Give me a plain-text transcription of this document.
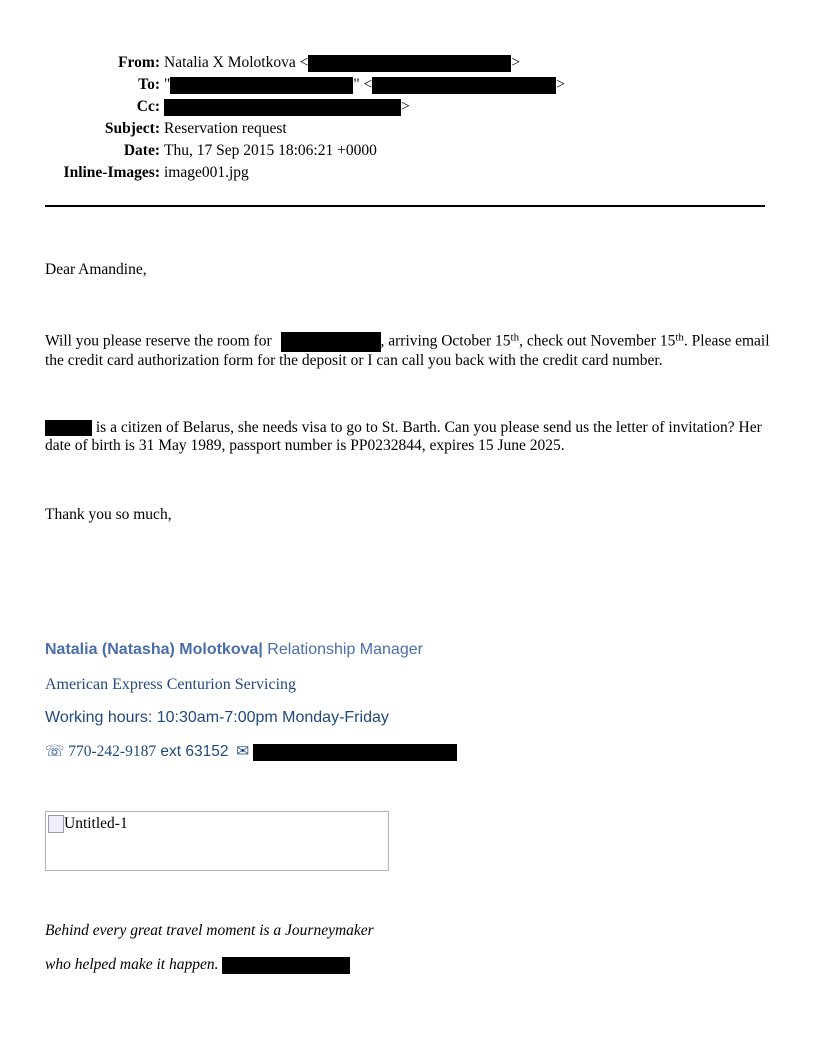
From: Natalia X Molotkova <	>
To: "	" <	>
Cc:	>
Subject: Reservation request
Date: Thu, 17 Sep 2015 18:06:21 +0000
Inline-Images: image001.jpg
Dear Amandine,
Will you please reserve the room for	, arriving October 15th, check out November 15th. Please email the credit card authorization form for the deposit or I can call you back with the credit card number.
is a citizen of Belarus, she needs visa to go to St. Barth. Can you please send us the letter of invitation? Her date of birth is 31 May 1989, passport number is PP0232844, expires 15 June 2025.
Thank you so much,
Natalia (Natasha) Molotkova| Relationship Manager
American Express Centurion Servicing
Working hours: 10:30am-7:00pm Monday-Friday
☏ 770-242-9187 ext 63152 ✉
Untitled-1
Behind every great travel moment is a Journeymaker
who helped make it happen.
